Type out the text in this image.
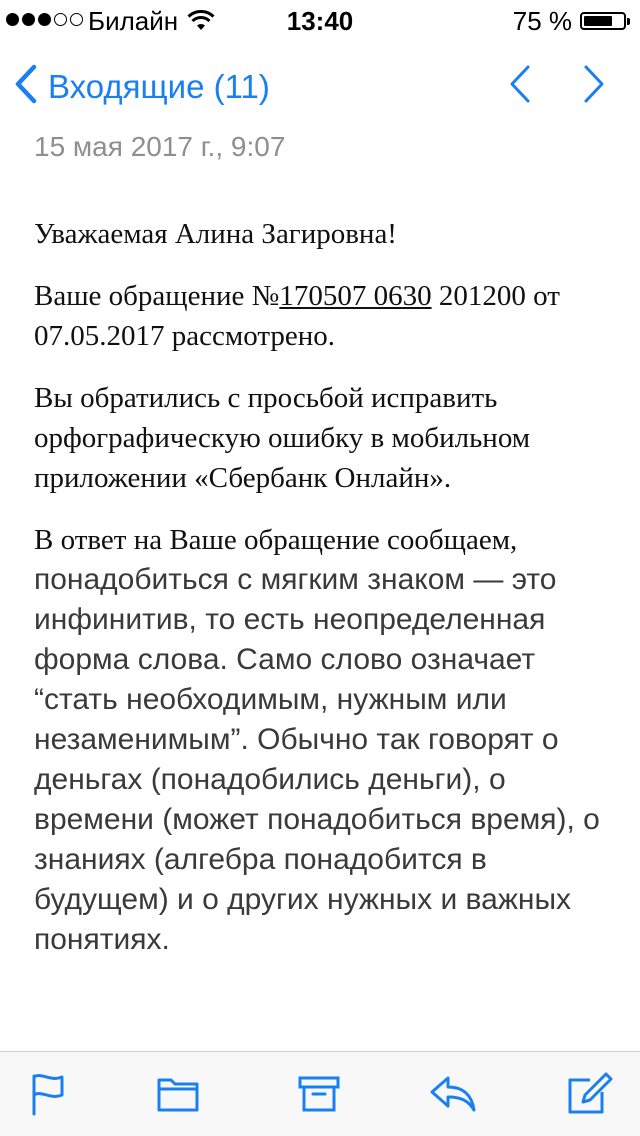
Билайн	13:40	75 %
Входящие (11)
15 мая 2017 г., 9:07

Уважаемая Алина Загировна!

Ваше обращение №170507 0630 201200 от 07.05.2017 рассмотрено.

Вы обратились с просьбой исправить орфографическую ошибку в мобильном приложении «Сбербанк Онлайн».

В ответ на Ваше обращение сообщаем,
понадобиться с мягким знаком — это инфинитив, то есть неопределенная форма слова. Само слово означает “стать необходимым, нужным или незаменимым”. Обычно так говорят о деньгах (понадобились деньги), о времени (может понадобиться время), о знаниях (алгебра понадобится в будущем) и о других нужных и важных понятиях.
